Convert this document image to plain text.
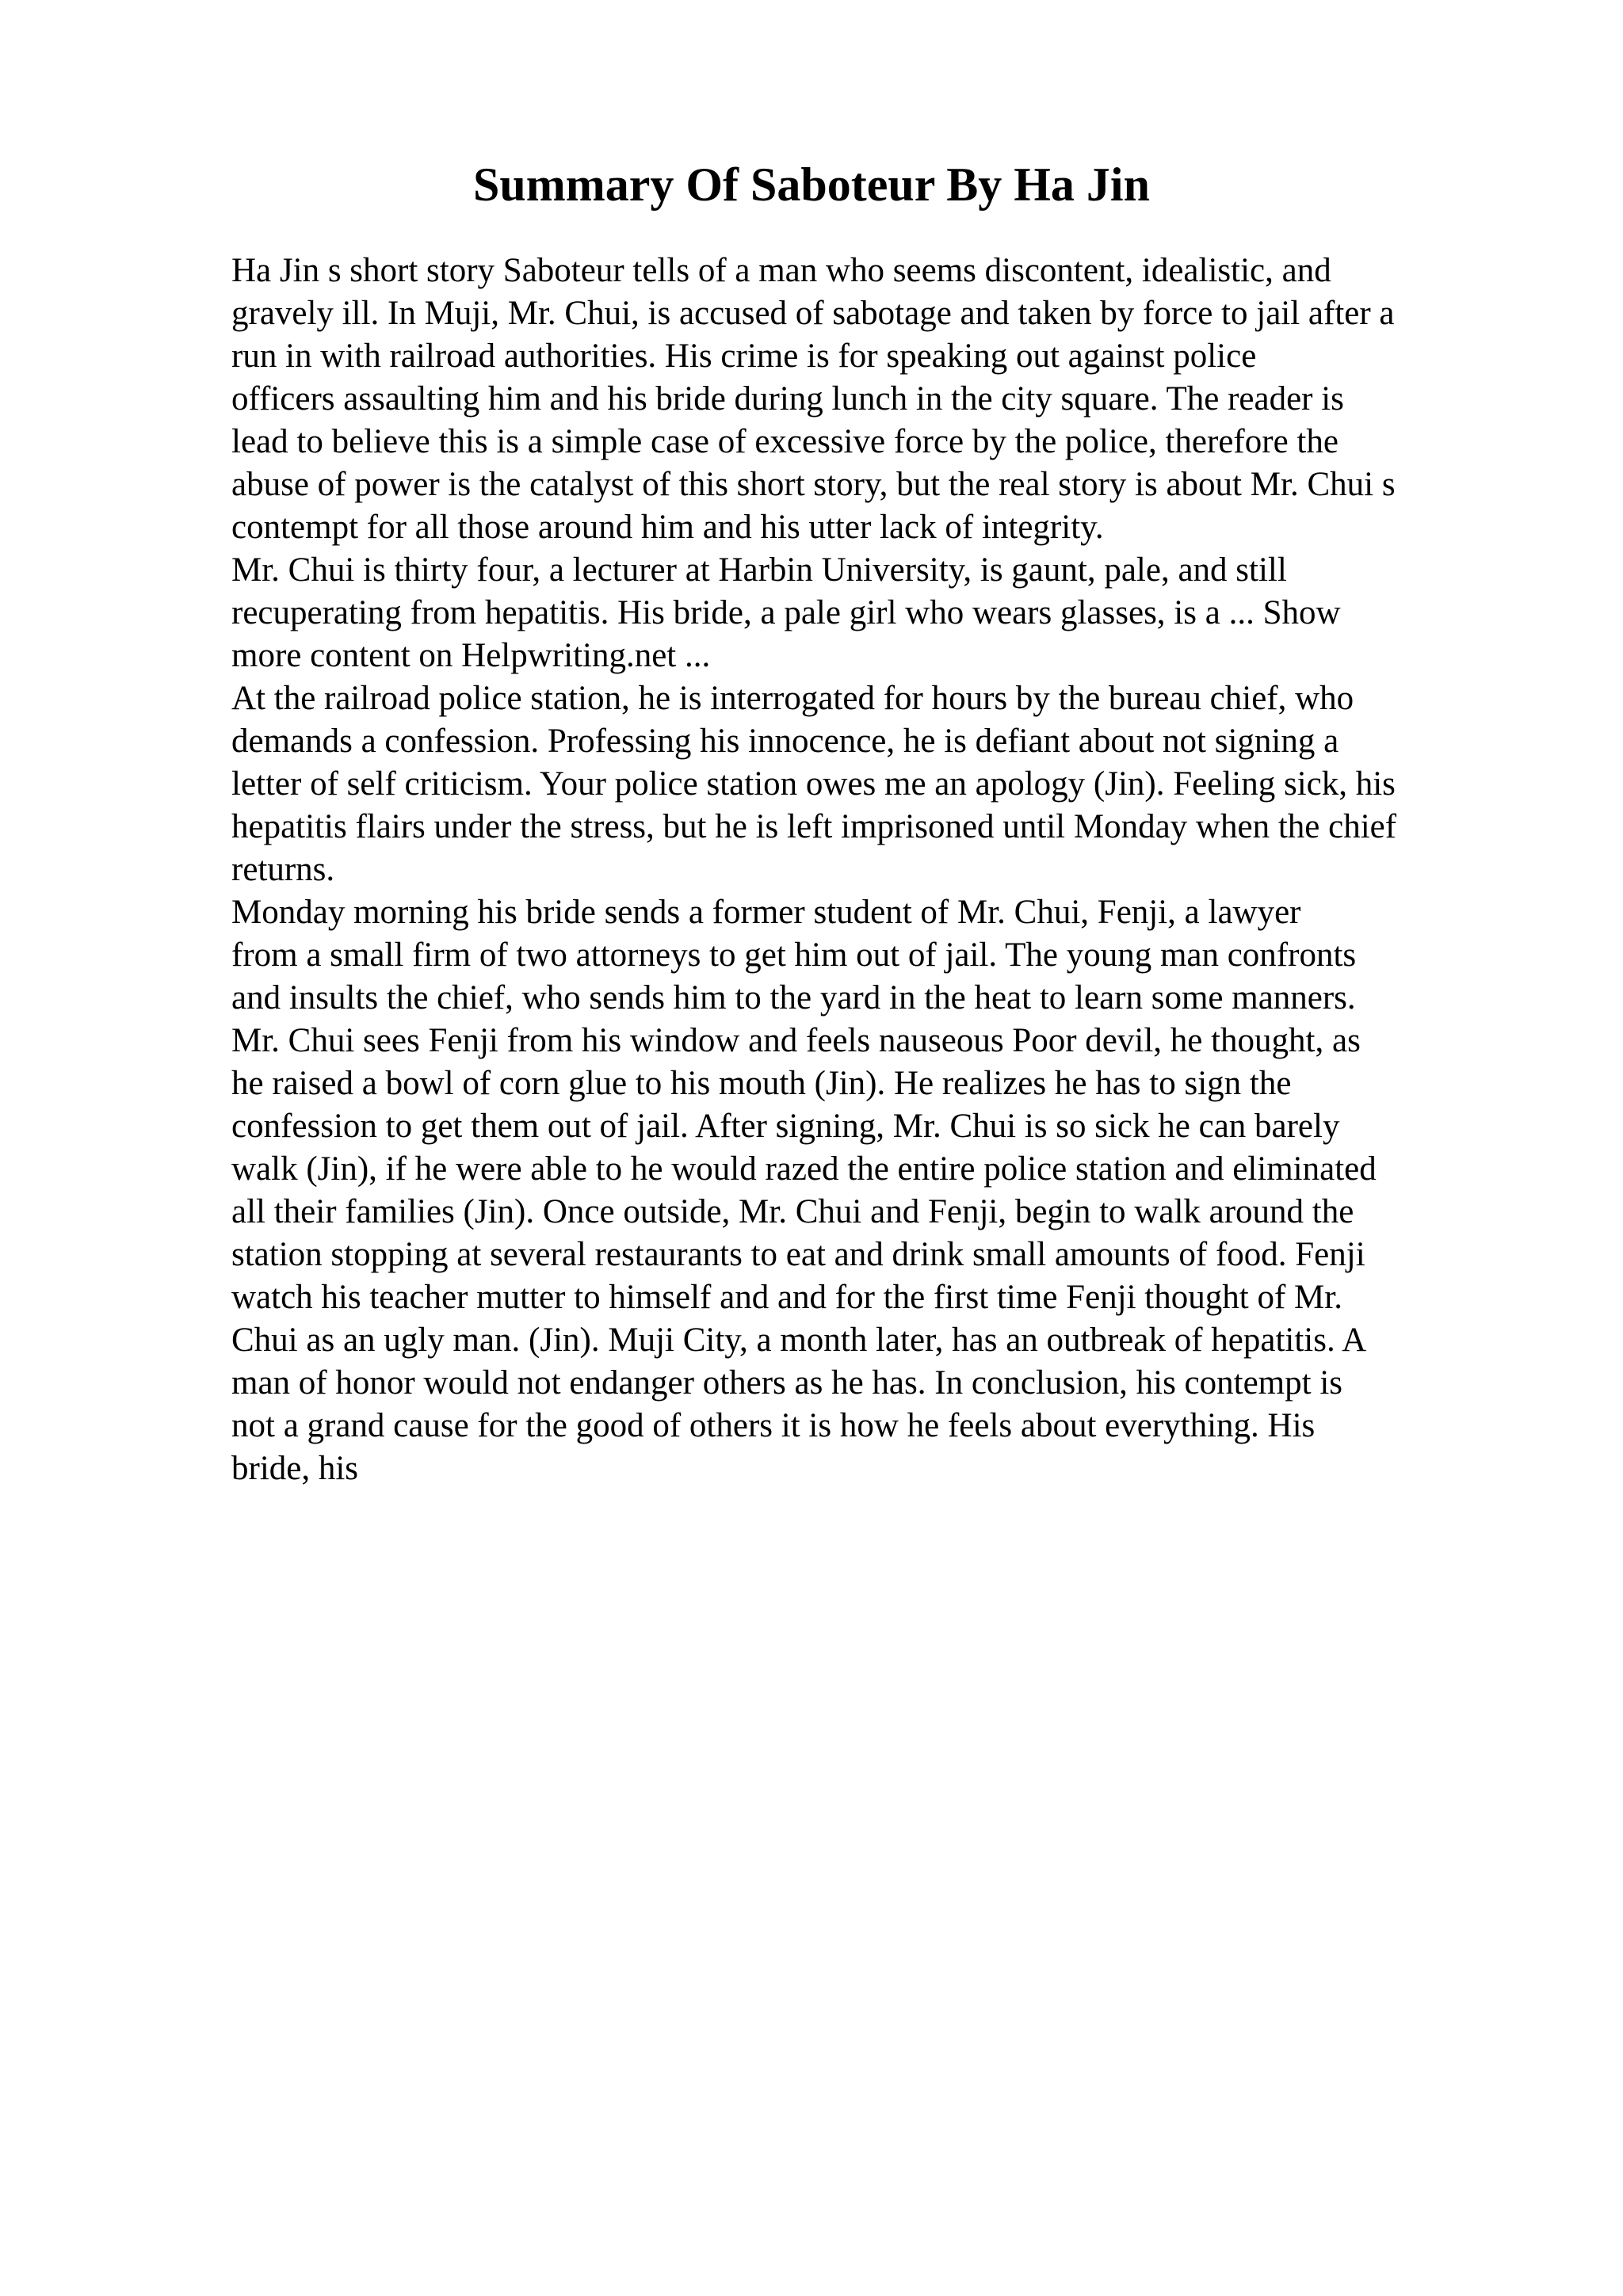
Summary Of Saboteur By Ha Jin
Ha Jin s short story Saboteur tells of a man who seems discontent, idealistic, and
gravely ill. In Muji, Mr. Chui, is accused of sabotage and taken by force to jail after a
run in with railroad authorities. His crime is for speaking out against police
officers assaulting him and his bride during lunch in the city square. The reader is
lead to believe this is a simple case of excessive force by the police, therefore the
abuse of power is the catalyst of this short story, but the real story is about Mr. Chui s
contempt for all those around him and his utter lack of integrity.
Mr. Chui is thirty four, a lecturer at Harbin University, is gaunt, pale, and still
recuperating from hepatitis. His bride, a pale girl who wears glasses, is a ... Show
more content on Helpwriting.net ...
At the railroad police station, he is interrogated for hours by the bureau chief, who
demands a confession. Professing his innocence, he is defiant about not signing a
letter of self criticism. Your police station owes me an apology (Jin). Feeling sick, his
hepatitis flairs under the stress, but he is left imprisoned until Monday when the chief
returns.
Monday morning his bride sends a former student of Mr. Chui, Fenji, a lawyer
from a small firm of two attorneys to get him out of jail. The young man confronts
and insults the chief, who sends him to the yard in the heat to learn some manners.
Mr. Chui sees Fenji from his window and feels nauseous Poor devil, he thought, as
he raised a bowl of corn glue to his mouth (Jin). He realizes he has to sign the
confession to get them out of jail. After signing, Mr. Chui is so sick he can barely
walk (Jin), if he were able to he would razed the entire police station and eliminated
all their families (Jin). Once outside, Mr. Chui and Fenji, begin to walk around the
station stopping at several restaurants to eat and drink small amounts of food. Fenji
watch his teacher mutter to himself and and for the first time Fenji thought of Mr.
Chui as an ugly man. (Jin). Muji City, a month later, has an outbreak of hepatitis. A
man of honor would not endanger others as he has. In conclusion, his contempt is
not a grand cause for the good of others it is how he feels about everything. His
bride, his
